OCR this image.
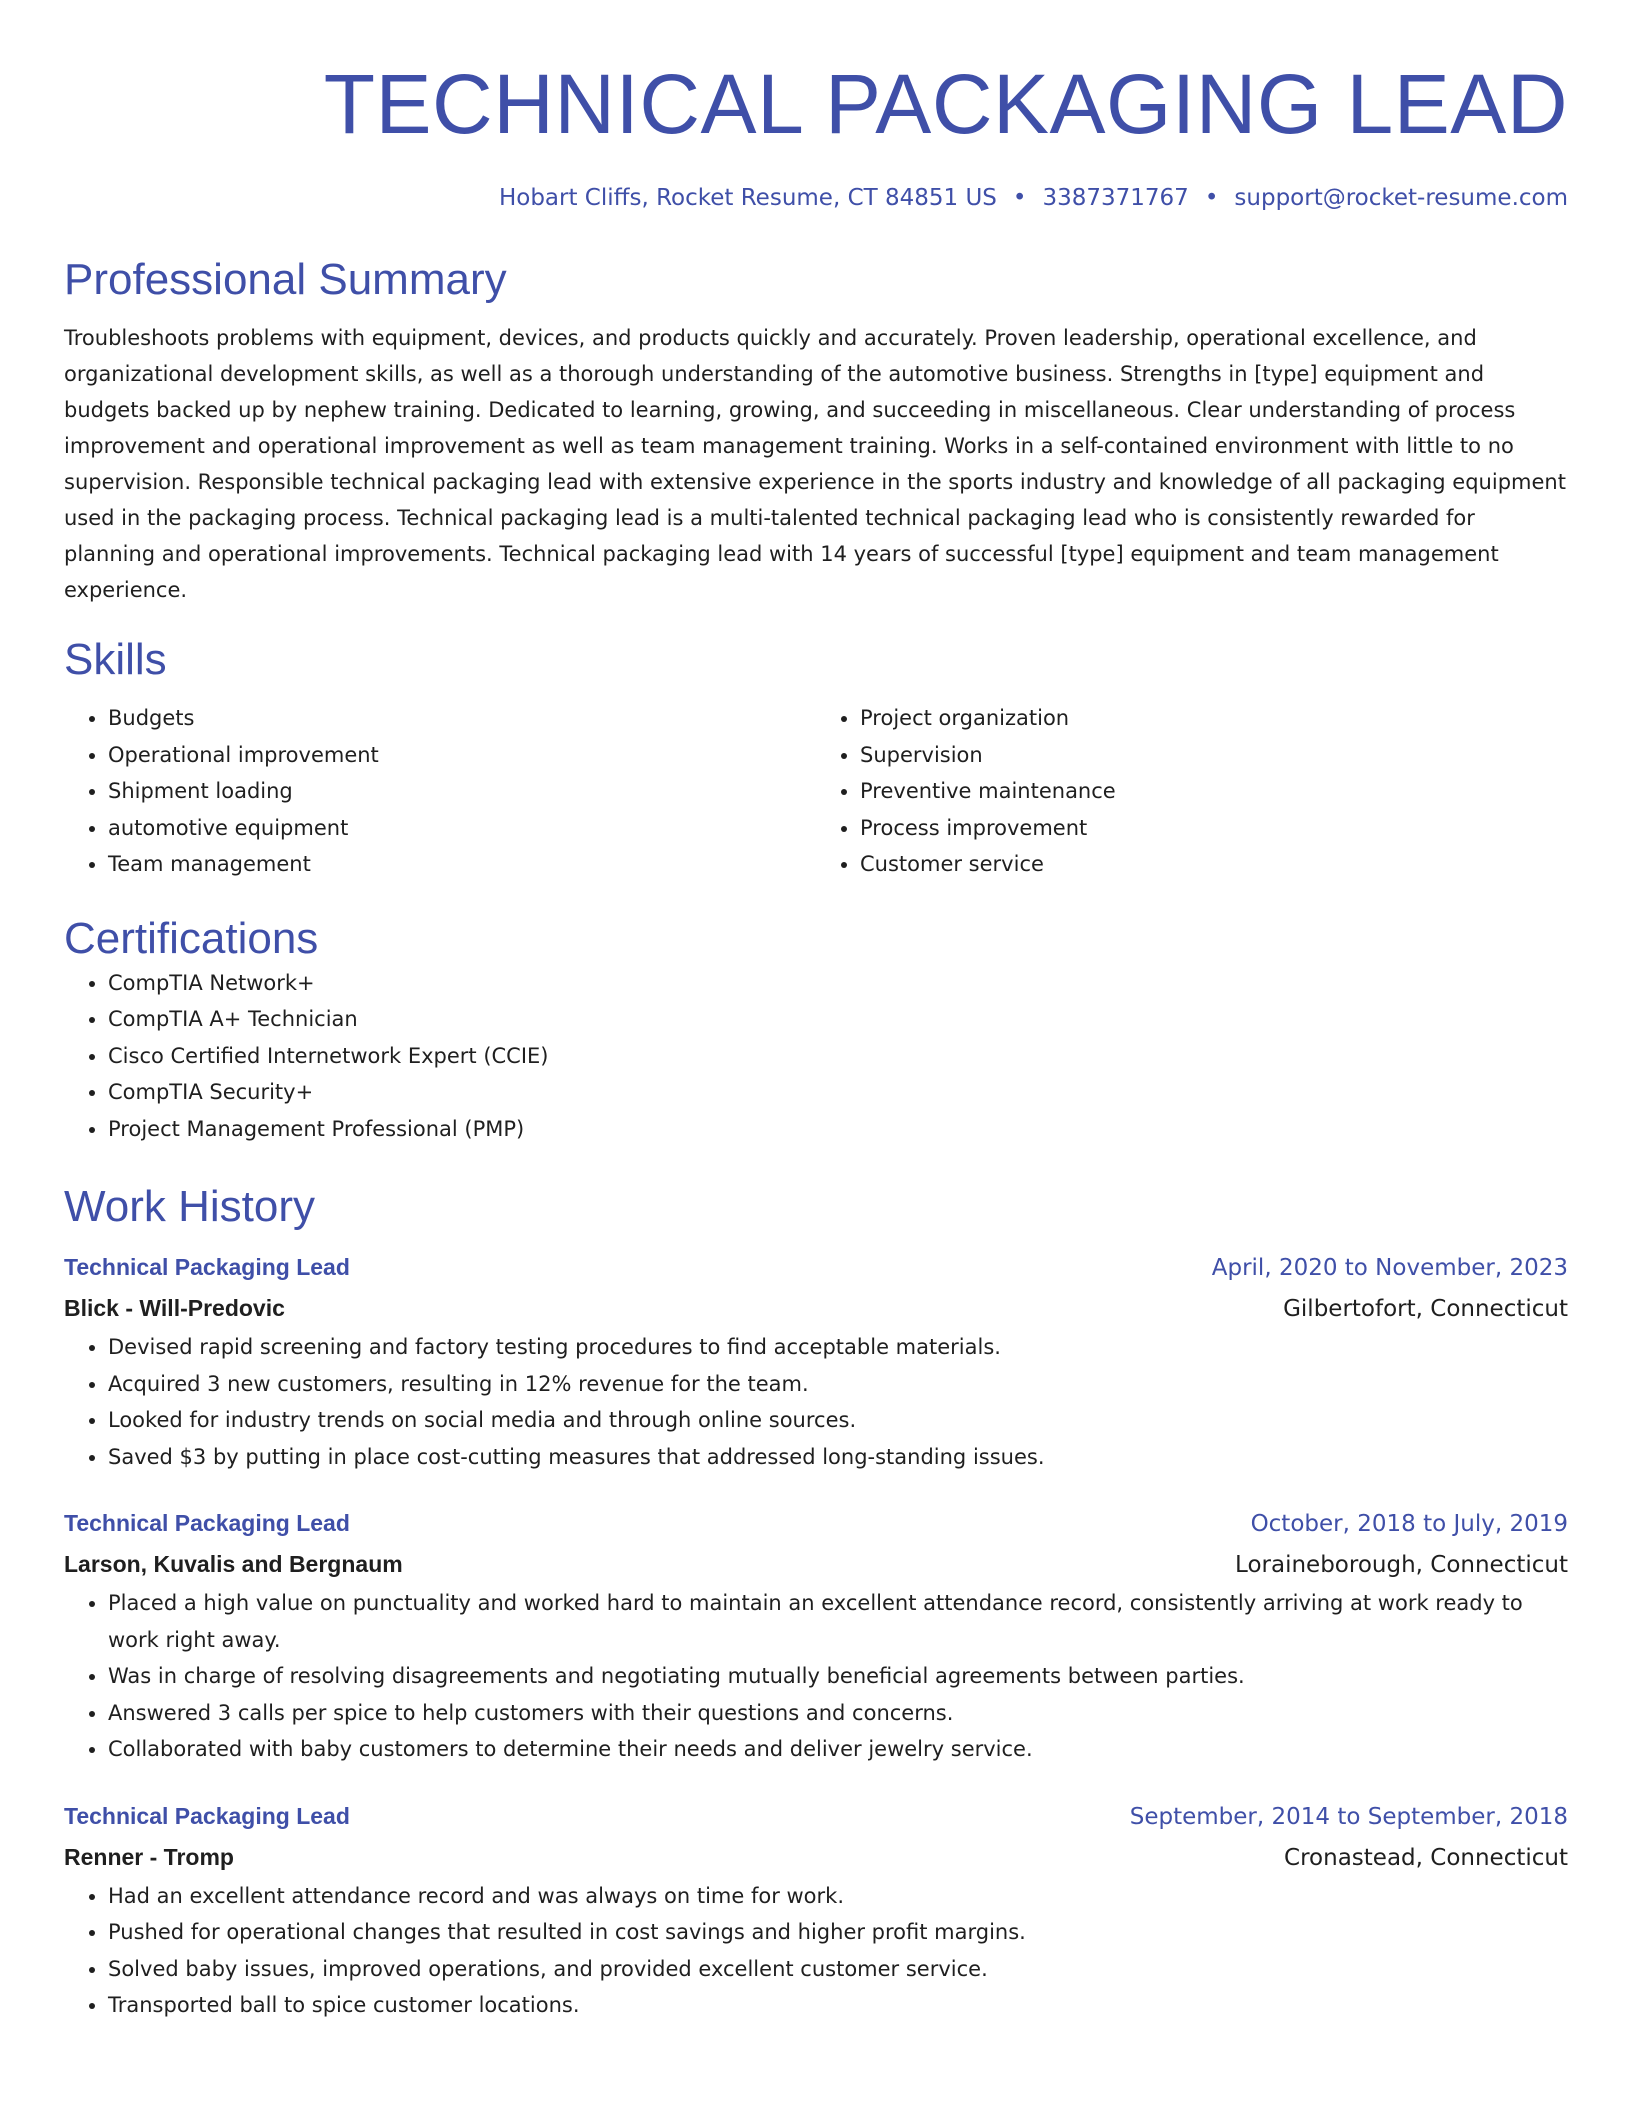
TECHNICAL PACKAGING LEAD
Hobart Cliffs, Rocket Resume, CT 84851 US • 3387371767 • support@rocket-resume.com
Professional Summary

Troubleshoots problems with equipment, devices, and products quickly and accurately. Proven leadership, operational excellence, and organizational development skills, as well as a thorough understanding of the automotive business. Strengths in [type] equipment and budgets backed up by nephew training. Dedicated to learning, growing, and succeeding in miscellaneous. Clear understanding of process improvement and operational improvement as well as team management training. Works in a self-contained environment with little to no supervision. Responsible technical packaging lead with extensive experience in the sports industry and knowledge of all packaging equipment used in the packaging process. Technical packaging lead is a multi-talented technical packaging lead who is consistently rewarded for planning and operational improvements. Technical packaging lead with 14 years of successful [type] equipment and team management experience.

Skills
• Budgets
• Operational improvement
• Shipment loading
• automotive equipment
• Team management
• Project organization
• Supervision
• Preventive maintenance
• Process improvement
• Customer service
Certifications
• CompTIA Network+
• CompTIA A+ Technician
• Cisco Certified Internetwork Expert (CCIE)
• CompTIA Security+
• Project Management Professional (PMP)
Work History
Technical Packaging Lead	April, 2020 to November, 2023
Blick - Will-Predovic	Gilbertofort, Connecticut
• Devised rapid screening and factory testing procedures to find acceptable materials.
• Acquired 3 new customers, resulting in 12% revenue for the team.
• Looked for industry trends on social media and through online sources.
• Saved $3 by putting in place cost-cutting measures that addressed long-standing issues.
Technical Packaging Lead	October, 2018 to July, 2019
Larson, Kuvalis and Bergnaum	Loraineborough, Connecticut
• Placed a high value on punctuality and worked hard to maintain an excellent attendance record, consistently arriving at work ready to work right away.
• Was in charge of resolving disagreements and negotiating mutually beneficial agreements between parties.
• Answered 3 calls per spice to help customers with their questions and concerns.
• Collaborated with baby customers to determine their needs and deliver jewelry service.
Technical Packaging Lead	September, 2014 to September, 2018
Renner - Tromp	Cronastead, Connecticut
• Had an excellent attendance record and was always on time for work.
• Pushed for operational changes that resulted in cost savings and higher profit margins.
• Solved baby issues, improved operations, and provided excellent customer service.
• Transported ball to spice customer locations.
